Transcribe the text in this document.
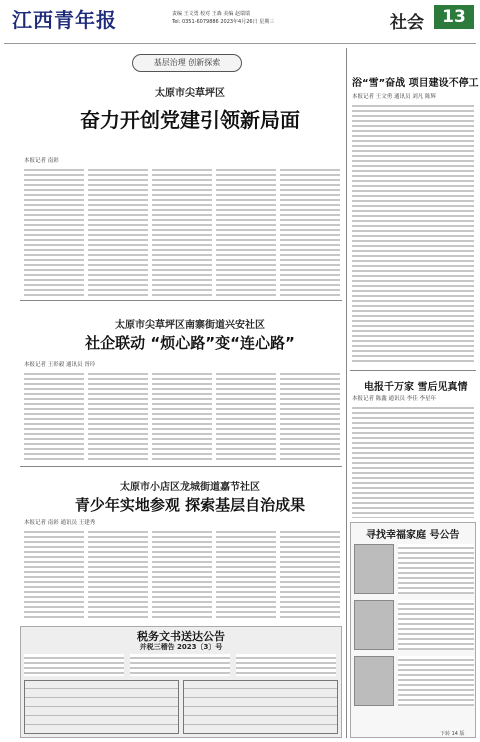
江西青年报	责编 王文勇 校对 王森 美编 赵瑞瑞
Tel: 0351-6079886 2023年4月26日 星期三	社会	13
基层治理 创新探索
太原市尖草坪区
奋力开创党建引领新局面
本报记者 南彩
太原市尖草坪区南寨街道兴安社区
社企联动 “烦心路”变“连心路”
本报记者 王彰毅 通讯员 胥玲
太原市小店区龙城街道嘉节社区
青少年实地参观 探索基层自治成果
本报记者 南彩 通讯员 王建秀
税务文书送达公告
并税三稽告 2023〔3〕号
浴“雪”奋战 项目建设不停工
本报记者 王文勇 通讯员 刘凡 陈辉
电报千万家 雪后见真情
本报记者 陈鑫 通讯员 李佳 李星年
寻找幸福家庭 号公告
下转 14 版
